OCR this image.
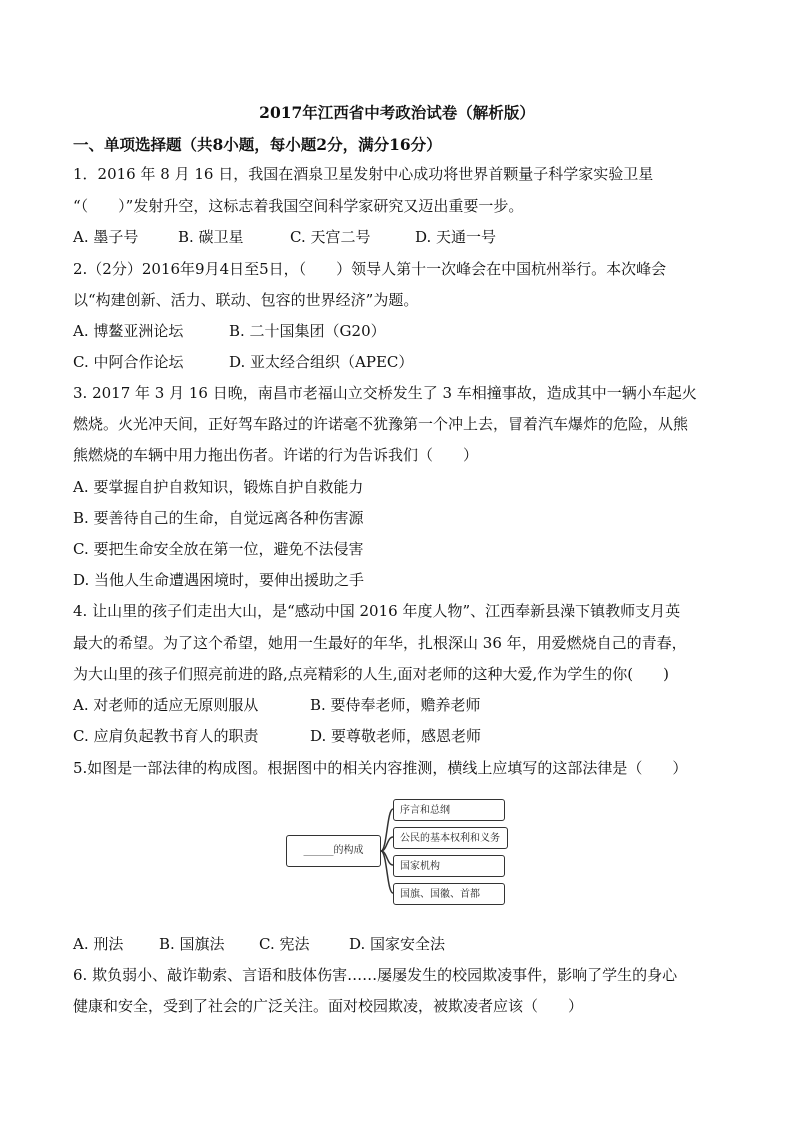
2017年江西省中考政治试卷（解析版）
一、单项选择题（共8小题，每小题2分，满分16分）
1．2016 年 8 月 16 日，我国在酒泉卫星发射中心成功将世界首颗量子科学家实验卫星
“（　　）”发射升空，这标志着我国空间科学家研究又迈出重要一步。
A. 墨子号	B. 碳卫星	C. 天宫二号	D. 天通一号
2.（2分）2016年9月4日至5日，（　　）领导人第十一次峰会在中国杭州举行。本次峰会
以“构建创新、活力、联动、包容的世界经济”为题。
A. 博鳌亚洲论坛	B. 二十国集团（G20）
C. 中阿合作论坛	D. 亚太经合组织（APEC）
3. 2017 年 3 月 16 日晚，南昌市老福山立交桥发生了 3 车相撞事故，造成其中一辆小车起火
燃烧。火光冲天间，正好驾车路过的许诺毫不犹豫第一个冲上去，冒着汽车爆炸的危险，从熊
熊燃烧的车辆中用力拖出伤者。许诺的行为告诉我们（　　）
A. 要掌握自护自救知识，锻炼自护自救能力
B. 要善待自己的生命，自觉远离各种伤害源
C. 要把生命安全放在第一位，避免不法侵害
D. 当他人生命遭遇困境时，要伸出援助之手
4. 让山里的孩子们走出大山，是“感动中国 2016 年度人物”、江西奉新县澡下镇教师支月英
最大的希望。为了这个希望，她用一生最好的年华，扎根深山 36 年，用爱燃烧自己的青春，
为大山里的孩子们照亮前进的路,点亮精彩的人生,面对老师的这种大爱,作为学生的你(　　)
A. 对老师的适应无原则服从	B. 要侍奉老师，赡养老师
C. 应肩负起教书育人的职责	D. 要尊敬老师，感恩老师
5.如图是一部法律的构成图。根据图中的相关内容推测，横线上应填写的这部法律是（　　）
______的构成
序言和总纲
公民的基本权利和义务
国家机构
国旗、国徽、首都
A. 刑法 B. 国旗法 C. 宪法	D. 国家安全法
6. 欺负弱小、敲诈勒索、言语和肢体伤害……屡屡发生的校园欺凌事件，影响了学生的身心
健康和安全，受到了社会的广泛关注。面对校园欺凌，被欺凌者应该（　　）
